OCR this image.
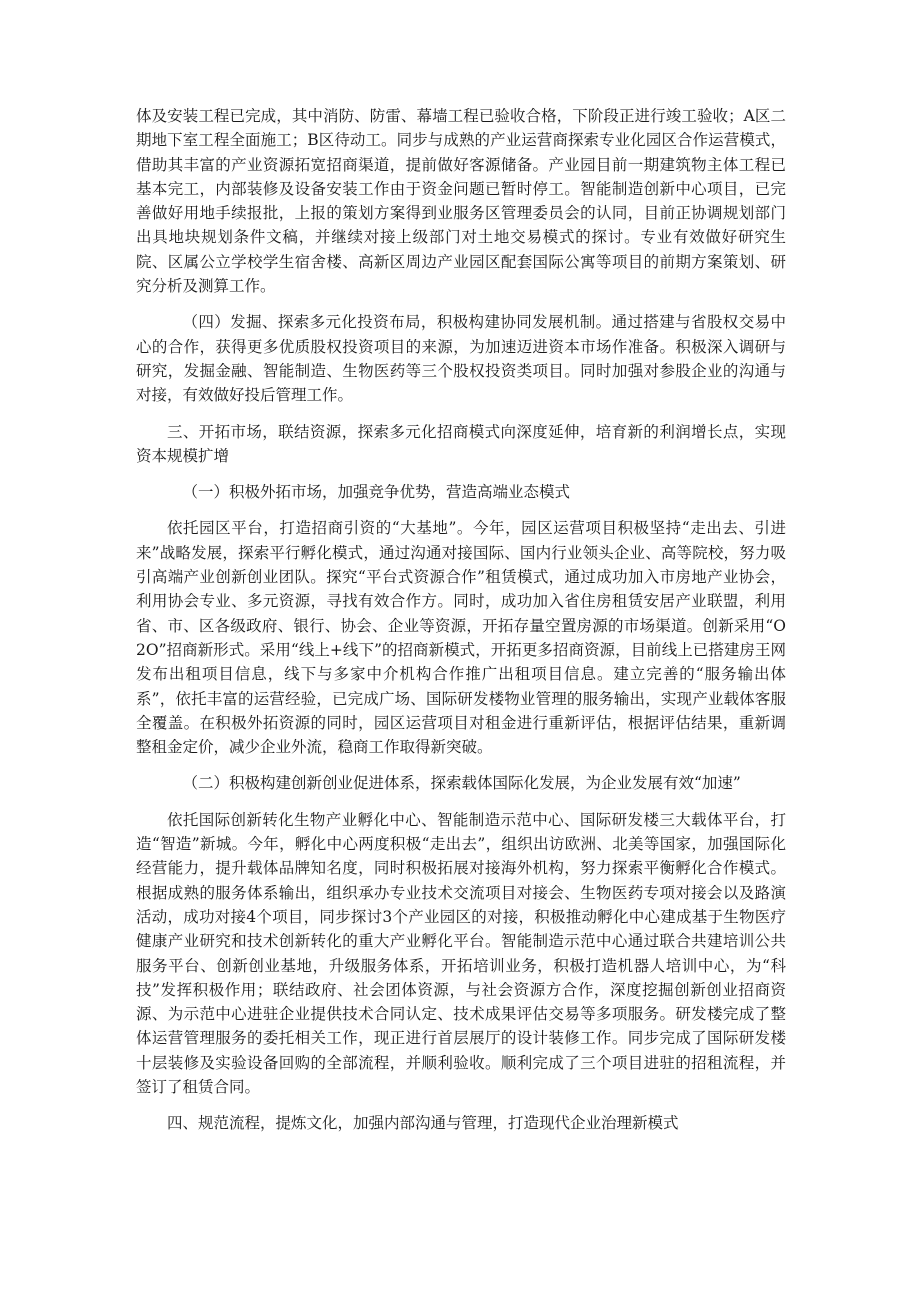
体及安装工程已完成，其中消防、防雷、幕墙工程已验收合格，下阶段正进行竣工验收；A区二期地下室工程全面施工；B区待动工。同步与成熟的产业运营商探索专业化园区合作运营模式，借助其丰富的产业资源拓宽招商渠道，提前做好客源储备。产业园目前一期建筑物主体工程已基本完工，内部装修及设备安装工作由于资金问题已暂时停工。智能制造创新中心项目，已完善做好用地手续报批，上报的策划方案得到业服务区管理委员会的认同，目前正协调规划部门出具地块规划条件文稿，并继续对接上级部门对土地交易模式的探讨。专业有效做好研究生院、区属公立学校学生宿舍楼、高新区周边产业园区配套国际公寓等项目的前期方案策划、研究分析及测算工作。

（四）发掘、探索多元化投资布局，积极构建协同发展机制。通过搭建与省股权交易中心的合作，获得更多优质股权投资项目的来源，为加速迈进资本市场作准备。积极深入调研与研究，发掘金融、智能制造、生物医药等三个股权投资类项目。同时加强对参股企业的沟通与对接，有效做好投后管理工作。

三、开拓市场，联结资源，探索多元化招商模式向深度延伸，培育新的利润增长点，实现资本规模扩增

（一）积极外拓市场，加强竞争优势，营造高端业态模式

依托园区平台，打造招商引资的“大基地”。今年，园区运营项目积极坚持“走出去、引进来”战略发展，探索平行孵化模式，通过沟通对接国际、国内行业领头企业、高等院校，努力吸引高端产业创新创业团队。探究“平台式资源合作”租赁模式，通过成功加入市房地产业协会，利用协会专业、多元资源，寻找有效合作方。同时，成功加入省住房租赁安居产业联盟，利用省、市、区各级政府、银行、协会、企业等资源，开拓存量空置房源的市场渠道。创新采用“O2O”招商新形式。采用“线上+线下”的招商新模式，开拓更多招商资源，目前线上已搭建房王网发布出租项目信息，线下与多家中介机构合作推广出租项目信息。建立完善的“服务输出体系”，依托丰富的运营经验，已完成广场、国际研发楼物业管理的服务输出，实现产业载体客服全覆盖。在积极外拓资源的同时，园区运营项目对租金进行重新评估，根据评估结果，重新调整租金定价，减少企业外流，稳商工作取得新突破。

（二）积极构建创新创业促进体系，探索载体国际化发展，为企业发展有效“加速”

依托国际创新转化生物产业孵化中心、智能制造示范中心、国际研发楼三大载体平台，打造“智造”新城。今年，孵化中心两度积极“走出去”，组织出访欧洲、北美等国家，加强国际化经营能力，提升载体品牌知名度，同时积极拓展对接海外机构，努力探索平衡孵化合作模式。根据成熟的服务体系输出，组织承办专业技术交流项目对接会、生物医药专项对接会以及路演活动，成功对接4个项目，同步探讨3个产业园区的对接，积极推动孵化中心建成基于生物医疗健康产业研究和技术创新转化的重大产业孵化平台。智能制造示范中心通过联合共建培训公共服务平台、创新创业基地，升级服务体系，开拓培训业务，积极打造机器人培训中心，为“科技”发挥积极作用；联结政府、社会团体资源，与社会资源方合作，深度挖掘创新创业招商资源、为示范中心进驻企业提供技术合同认定、技术成果评估交易等多项服务。研发楼完成了整体运营管理服务的委托相关工作，现正进行首层展厅的设计装修工作。同步完成了国际研发楼十层装修及实验设备回购的全部流程，并顺利验收。顺利完成了三个项目进驻的招租流程，并签订了租赁合同。

四、规范流程，提炼文化，加强内部沟通与管理，打造现代企业治理新模式
